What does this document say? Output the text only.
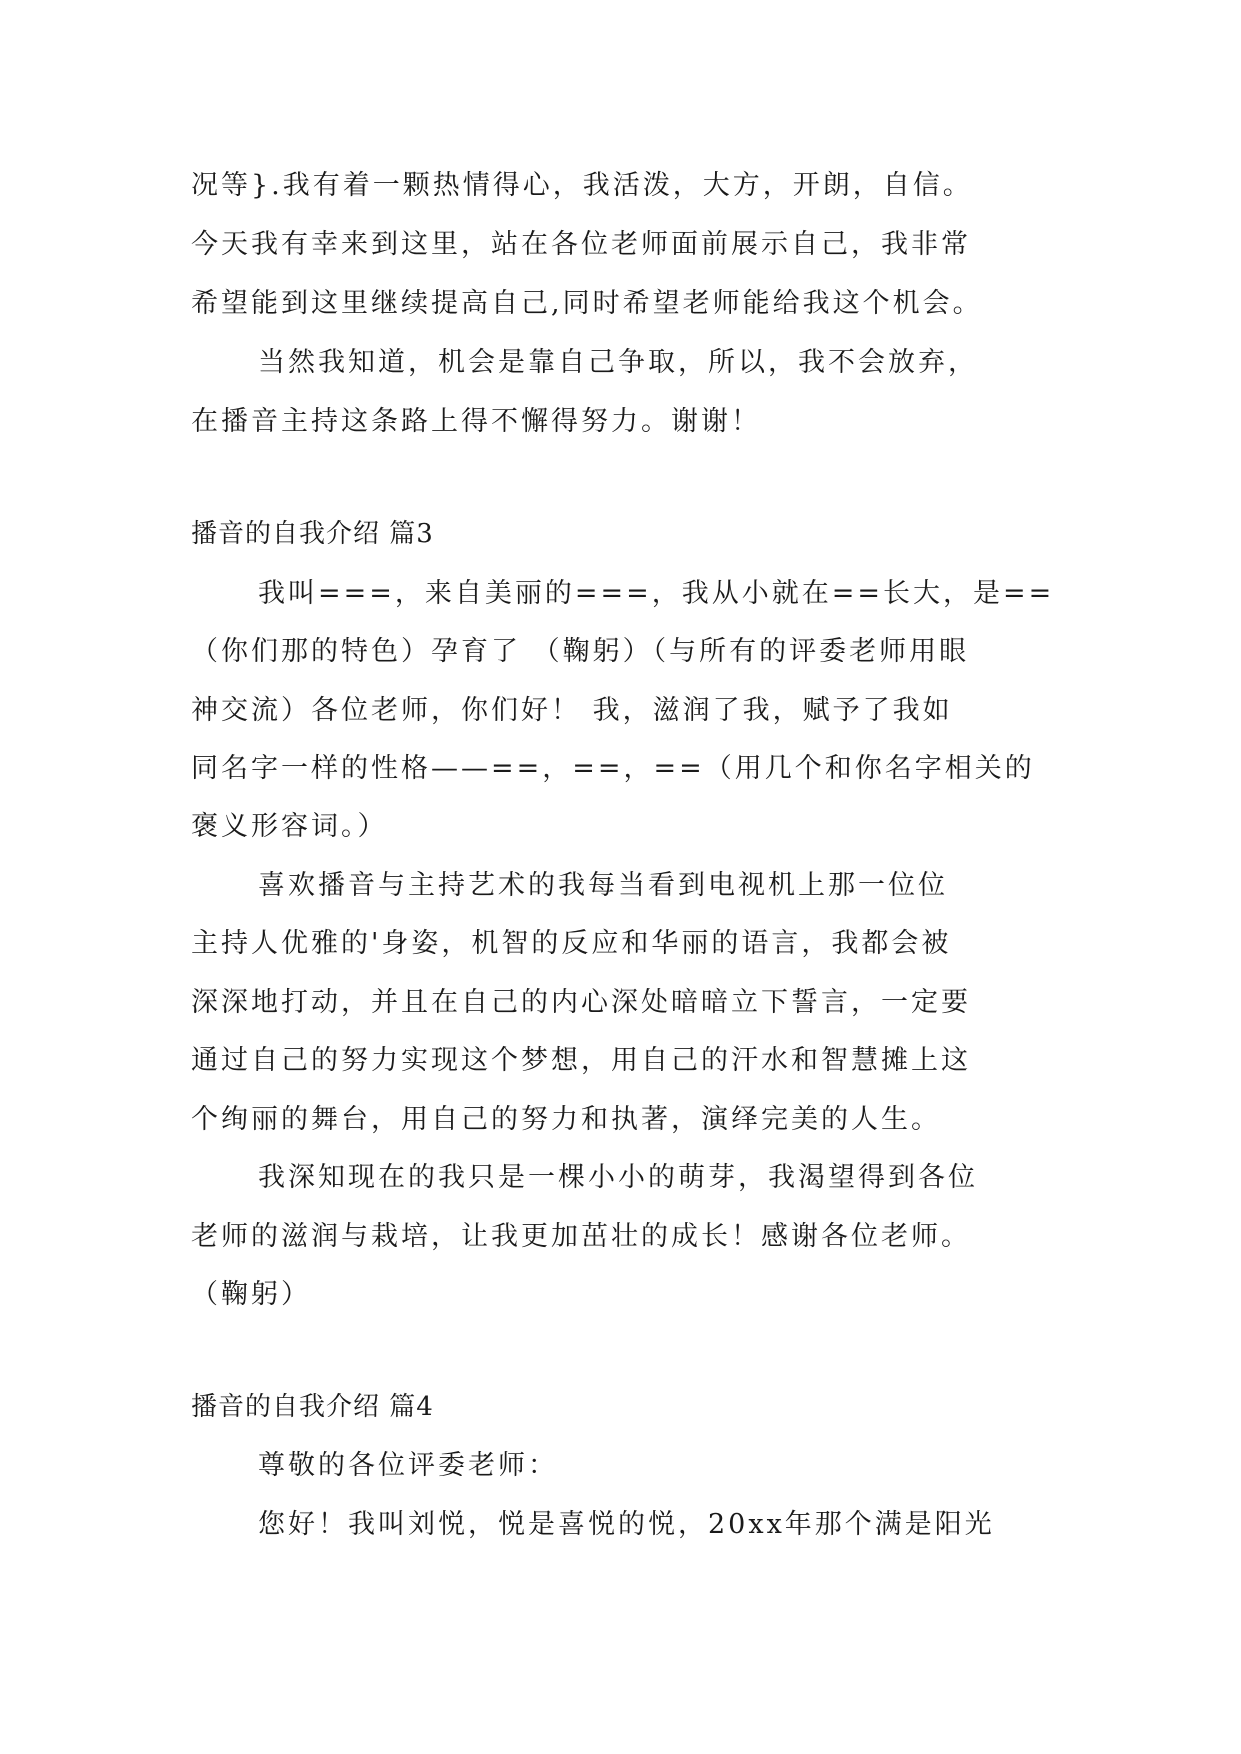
况等}.我有着一颗热情得心，我活泼，大方，开朗，自信。
今天我有幸来到这里，站在各位老师面前展示自己，我非常
希望能到这里继续提高自己,同时希望老师能给我这个机会。
当然我知道，机会是靠自己争取，所以，我不会放弃，
在播音主持这条路上得不懈得努力。谢谢！
播音的自我介绍 篇3
我叫===，来自美丽的===，我从小就在==长大，是==
（你们那的特色）孕育了 （鞠躬）（与所有的评委老师用眼
神交流）各位老师，你们好！ 我，滋润了我，赋予了我如
同名字一样的性格——==，==，==（用几个和你名字相关的
褒义形容词。）
喜欢播音与主持艺术的我每当看到电视机上那一位位
主持人优雅的'身姿，机智的反应和华丽的语言，我都会被
深深地打动，并且在自己的内心深处暗暗立下誓言，一定要
通过自己的努力实现这个梦想，用自己的汗水和智慧摊上这
个绚丽的舞台，用自己的努力和执著，演绎完美的人生。
我深知现在的我只是一棵小小的萌芽，我渴望得到各位
老师的滋润与栽培，让我更加茁壮的成长！感谢各位老师。
（鞠躬）
播音的自我介绍 篇4
尊敬的各位评委老师：
您好！我叫刘悦，悦是喜悦的悦，20xx年那个满是阳光
